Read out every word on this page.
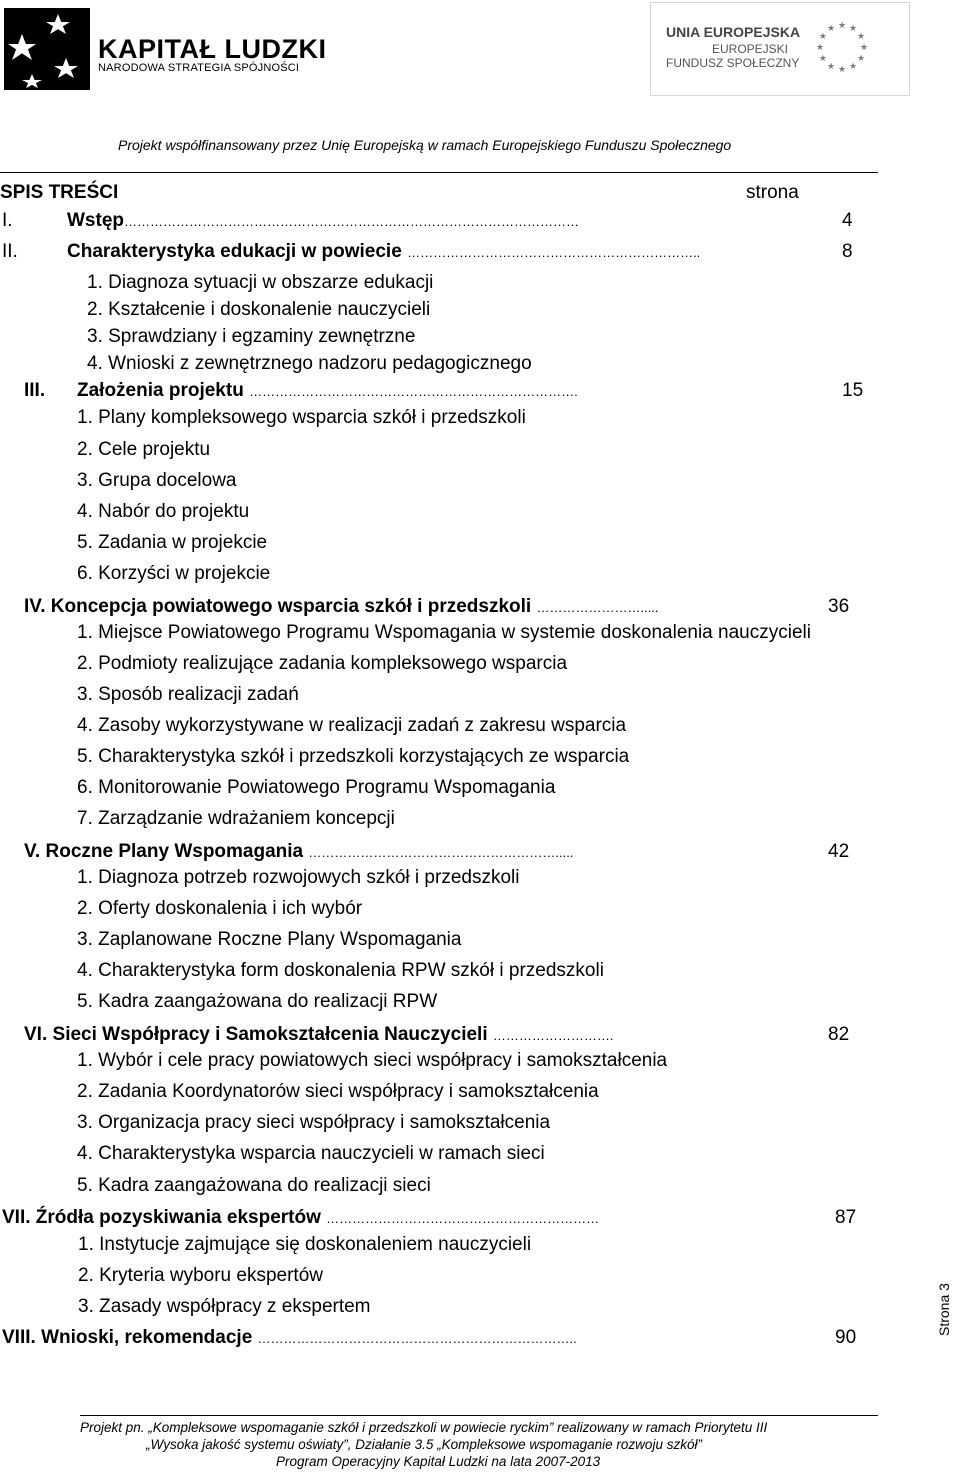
KAPITAŁ LUDZKI
NARODOWA STRATEGIA SPÓJNOŚCI
UNIA EUROPEJSKA
EUROPEJSKI
FUNDUSZ SPOŁECZNY
★
★
★
★
★
★
★
★
★ ★ ★
★
Projekt współfinansowany przez Unię Europejską w ramach Europejskiego Funduszu Społecznego
SPIS TREŚCI	strona
I.	Wstęp……………………………………………………………………………………………	4
II.	Charakterystyka edukacji w powiecie …………………………………………………………..	8
1. Diagnoza sytuacji w obszarze edukacji
2. Kształcenie i doskonalenie nauczycieli
3. Sprawdziany i egzaminy zewnętrzne
4. Wnioski z zewnętrznego nadzoru pedagogicznego
III. Założenia projektu ………………………………………………………………….	15
1. Plany kompleksowego wsparcia szkół i przedszkoli
2. Cele projektu
3. Grupa docelowa
4. Nabór do projektu
5. Zadania w projekcie
6. Korzyści w projekcie
IV. Koncepcja powiatowego wsparcia szkół i przedszkoli …………………….....	36
1. Miejsce Powiatowego Programu Wspomagania w systemie doskonalenia nauczycieli
2. Podmioty realizujące zadania kompleksowego wsparcia
3. Sposób realizacji zadań
4. Zasoby wykorzystywane w realizacji zadań z zakresu wsparcia
5. Charakterystyka szkół i przedszkoli korzystających ze wsparcia
6. Monitorowanie Powiatowego Programu Wspomagania
7. Zarządzanie wdrażaniem koncepcji
V. Roczne Plany Wspomagania ………………………………………………….....	42
1. Diagnoza potrzeb rozwojowych szkół i przedszkoli
2. Oferty doskonalenia i ich wybór
3. Zaplanowane Roczne Plany Wspomagania
4. Charakterystyka form doskonalenia RPW szkół i przedszkoli
5. Kadra zaangażowana do realizacji RPW
VI. Sieci Współpracy i Samokształcenia Nauczycieli ……………………….	82
1. Wybór i cele pracy powiatowych sieci współpracy i samokształcenia
2. Zadania Koordynatorów sieci współpracy i samokształcenia
3. Organizacja pracy sieci współpracy i samokształcenia
4. Charakterystyka wsparcia nauczycieli w ramach sieci
5. Kadra zaangażowana do realizacji sieci
VII. Źródła pozyskiwania ekspertów ………………………………………………………	87
1. Instytucje zajmujące się doskonaleniem nauczycieli
2. Kryteria wyboru ekspertów
3. Zasady współpracy z ekspertem
VIII. Wnioski, rekomendacje ………………………………………………………………..	90
Projekt pn. „Kompleksowe wspomaganie szkół i przedszkoli w powiecie ryckim” realizowany w ramach Priorytetu III
„Wysoka jakość systemu oświaty”, Działanie 3.5 „Kompleksowe wspomaganie rozwoju szkół”
Program Operacyjny Kapitał Ludzki na lata 2007-2013
Strona 3
